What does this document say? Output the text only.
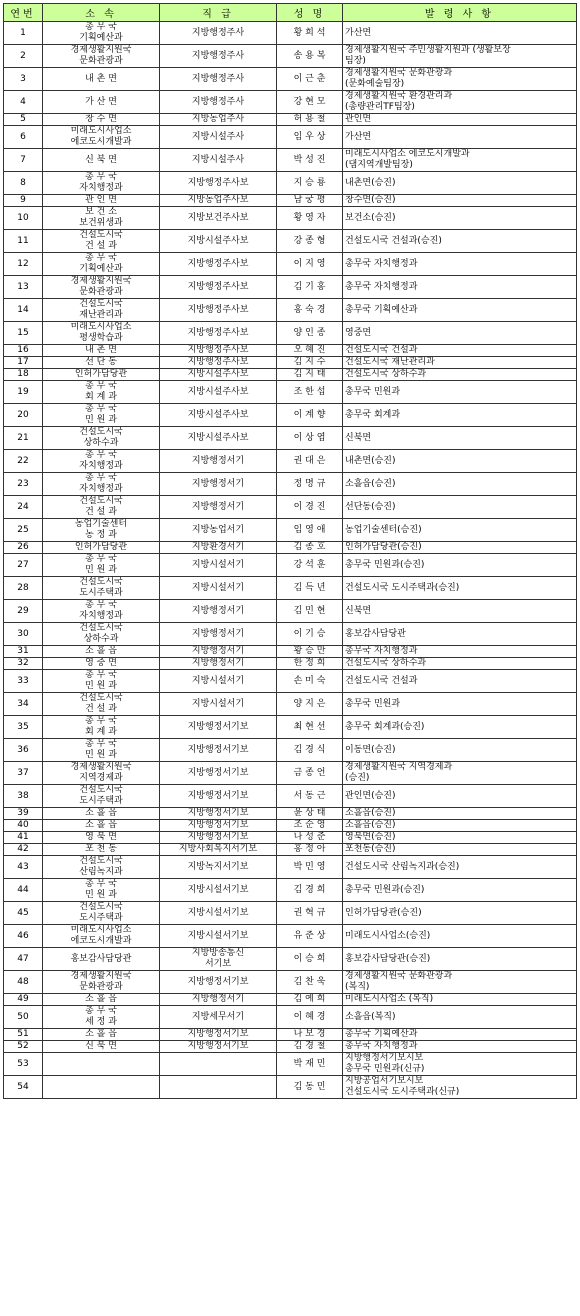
연번	소 속	직 급	성 명	발 령 사 항
1	총 무 국
기획예산과	지방행정주사	황 희 석	가산면
2	경제생활지원국
문화관광과	지방행정주사	송 용 복	경제생활지원국 주민생활지원과 (생활보장
팀장)
3	내 촌 면	지방행정주사	이 근 춘	경제생활지원국 문화관광과
(문화예술팀장)
4	가 산 면	지방행정주사	강 현 모	경제생활지원국 환경관리과
(총량관리TF팀장)
5	창 수 면	지방농업주사	허 용 철	관인면
6	미래도시사업소
에코도시개발과	지방시설주사	임 우 상	가산면
7	신 북 면	지방시설주사	박 성 진	미래도시사업소 에코도시개발과
(댐지역개발팀장)
8	총 무 국
자치행정과	지방행정주사보	지 승 룡	내촌면(승진)
9	관 인 면	지방농업주사보	남 궁 평	창수면(승진)
10	보 건 소
보건위생과	지방보건주사보	황 영 자	보건소(승진)
11	건설도시국
건 설 과	지방시설주사보	강 종 형	건설도시국 건설과(승진)
12	총 무 국
기획예산과	지방행정주사보	이 지 영	총무국 자치행정과
13	경제생활지원국
문화관광과	지방행정주사보	김 기 홍	총무국 자치행정과
14	건설도시국
재난관리과	지방행정주사보	홍 숙 경	총무국 기획예산과
15	미래도시사업소
평생학습과	지방행정주사보	양 인 종	영중면
16	내 촌 면	지방행정주사보	오 혜 진	건설도시국 건설과
17	선 단 동	지방행정주사보	김 지 수	건설도시국 재난관리과
18	인허가담당관	지방시설주사보	김 지 태	건설도시국 상하수과
19	총 무 국
회 계 과	지방시설주사보	조 한 섭	총무국 민원과
20	총 무 국
민 원 과	지방시설주사보	이 계 향	총무국 회계과
21	건설도시국
상하수과	지방시설주사보	이 상 엽	신북면
22	총 무 국
자치행정과	지방행정서기	권 대 은	내촌면(승진)
23	총 무 국
자치행정과	지방행정서기	정 명 규	소흘읍(승진)
24	건설도시국
건 설 과	지방행정서기	이 경 진	선단동(승진)
25	농업기술센터
농 정 과	지방농업서기	임 영 애	농업기술센터(승진)
26	인허가담당관	지방환경서기	김 종 호	인허가담당관(승진)
27	총 무 국
민 원 과	지방시설서기	강 석 훈	총무국 민원과(승진)
28	건설도시국
도시주택과	지방시설서기	김 득 년	건설도시국 도시주택과(승진)
29	총 무 국
자치행정과	지방행정서기	김 민 현	신북면
30	건설도시국
상하수과	지방행정서기	이 기 승	홍보감사담당관
31	소 흘 읍	지방행정서기	황 승 만	총무국 자치행정과
32	영 중 면	지방행정서기	한 정 희	건설도시국 상하수과
33	총 무 국
민 원 과	지방시설서기	손 미 숙	건설도시국 건설과
34	건설도시국
건 설 과	지방시설서기	양 지 은	총무국 민원과
35	총 무 국
회 계 과	지방행정서기보	최 현 선	총무국 회계과(승진)
36	총 무 국
민 원 과	지방행정서기보	김 경 식	이동면(승진)
37	경제생활지원국
지역경제과	지방행정서기보	금 종 언	경제생활지원국 지역경제과
(승진)
38	건설도시국
도시주택과	지방행정서기보	서 동 근	관인면(승진)
39	소 흘 읍	지방행정서기보	윤 상 태	소흘읍(승진)
40	소 흘 읍	지방행정서기보	조 순 영	소흘읍(승진)
41	영 북 면	지방행정서기보	나 성 준	영북면(승진)
42	포 천 동	지방사회복지서기보	홍 정 아	포천동(승진)
43	건설도시국
산림녹지과	지방녹지서기보	박 민 영	건설도시국 산림녹지과(승진)
44	총 무 국
민 원 과	지방시설서기보	김 경 희	총무국 민원과(승진)
45	건설도시국
도시주택과	지방시설서기보	권 혁 규	인허가담당관(승진)
46	미래도시사업소
에코도시개발과	지방시설서기보	유 준 상	미래도시사업소(승진)
47	홍보감사담당관	지방방송통신
서기보	이 승 희	홍보감사담당관(승진)
48	경제생활지원국
문화관광과	지방행정서기보	김 찬 욱	경제생활지원국 문화관광과
(복직)
49	소 흘 읍	지방행정서기	김 예 희	미래도시사업소 (복직)
50	총 무 국
세 정 과	지방세무서기	이 혜 경	소흘읍(복직)
51	소 흘 읍	지방행정서기보	나 보 경	총무국 기획예산과
52	신 북 면	지방행정서기보	김 경 철	총무국 자치행정과
53			박 재 민	지방행정서기보시보
총무국 민원과(신규)
54			김 동 민	지방공업서기보시보
건설도시국 도시주택과(신규)
